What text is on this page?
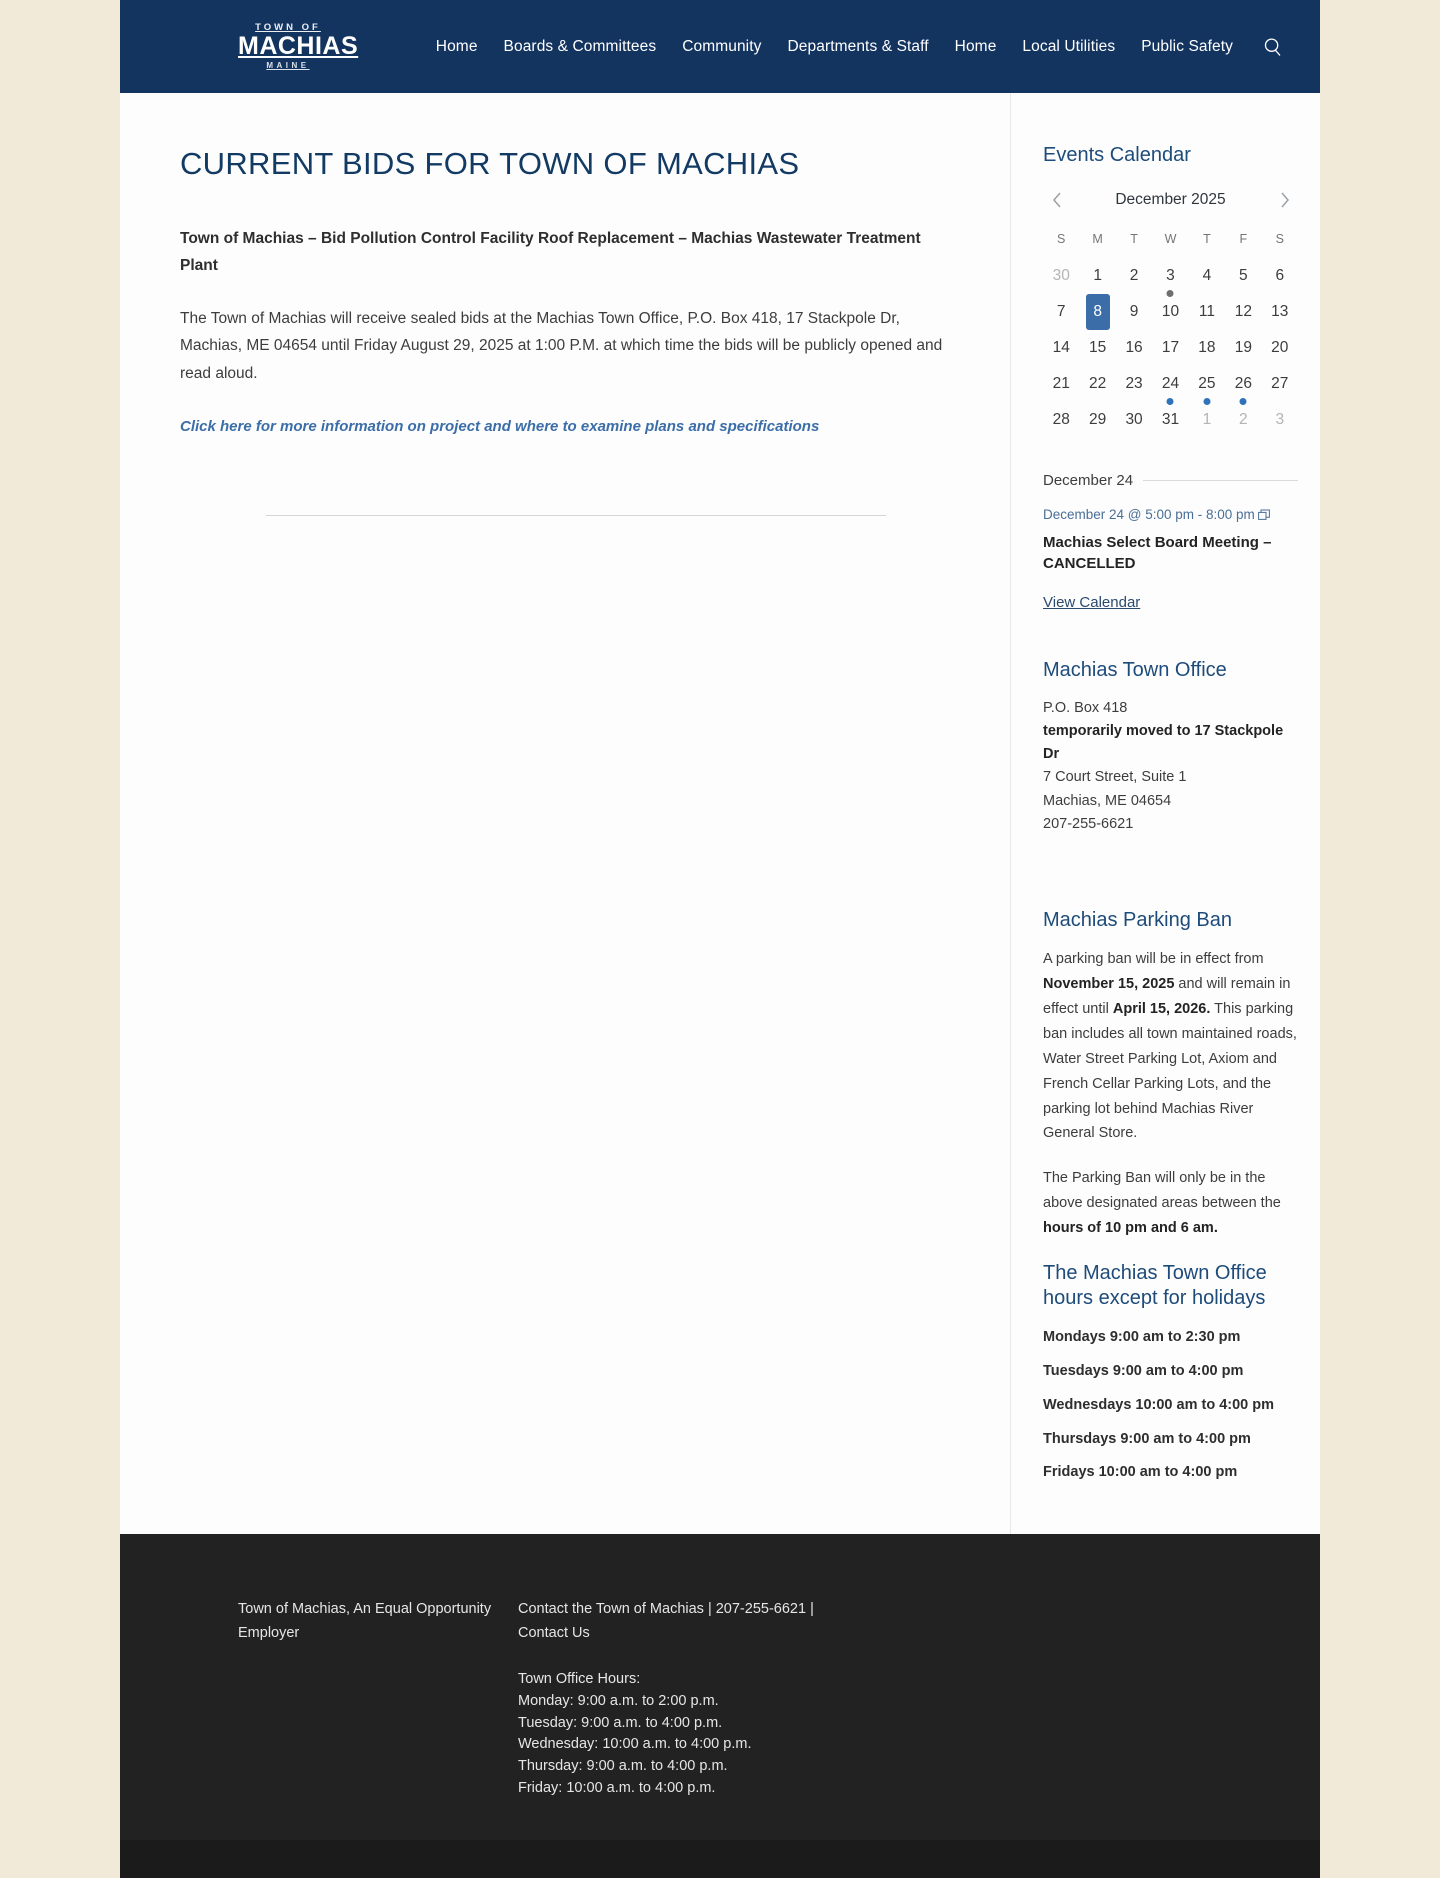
TOWN OF
MACHIAS
MAINE
Home	Boards & Committees	Community	Departments & Staff	Home	Local Utilities	Public Safety
CURRENT BIDS FOR TOWN OF MACHIAS

Town of Machias – Bid Pollution Control Facility Roof Replacement – Machias Wastewater Treatment Plant

The Town of Machias will receive sealed bids at the Machias Town Office, P.O. Box 418, 17 Stackpole Dr, Machias, ME 04654 until Friday August 29, 2025 at 1:00 P.M. at which time the bids will be publicly opened and read aloud.

Click here for more information on project and where to examine plans and specifications
Events Calendar
December 2025
S	M	T	W	T	F	S
30	1	2	3	4	5	6
7	8	9	10 11 12 13
14 15 16 17 18 19 20
21 22 23 24 25 26 27
28 29 30 31	1	2	3
December 24
December 24 @ 5:00 pm - 8:00 pm
Machias Select Board Meeting – CANCELLED
View Calendar
Machias Town Office

P.O. Box 418

temporarily moved to 17 Stackpole Dr

7 Court Street, Suite 1

Machias, ME 04654

207-255-6621

Machias Parking Ban

A parking ban will be in effect from November 15, 2025 and will remain in effect until April 15, 2026. This parking ban includes all town maintained roads, Water Street Parking Lot, Axiom and French Cellar Parking Lots, and the parking lot behind Machias River General Store.

The Parking Ban will only be in the above designated areas between the hours of 10 pm and 6 am.

The Machias Town Office hours except for holidays

Mondays 9:00 am to 2:30 pm

Tuesdays 9:00 am to 4:00 pm

Wednesdays 10:00 am to 4:00 pm

Thursdays 9:00 am to 4:00 pm

Fridays 10:00 am to 4:00 pm

Town of Machias, An Equal Opportunity Employer

Contact the Town of Machias | 207-255-6621 | Contact Us

Town Office Hours:

Monday: 9:00 a.m. to 2:00 p.m.

Tuesday: 9:00 a.m. to 4:00 p.m.

Wednesday: 10:00 a.m. to 4:00 p.m.

Thursday: 9:00 a.m. to 4:00 p.m.

Friday: 10:00 a.m. to 4:00 p.m.
